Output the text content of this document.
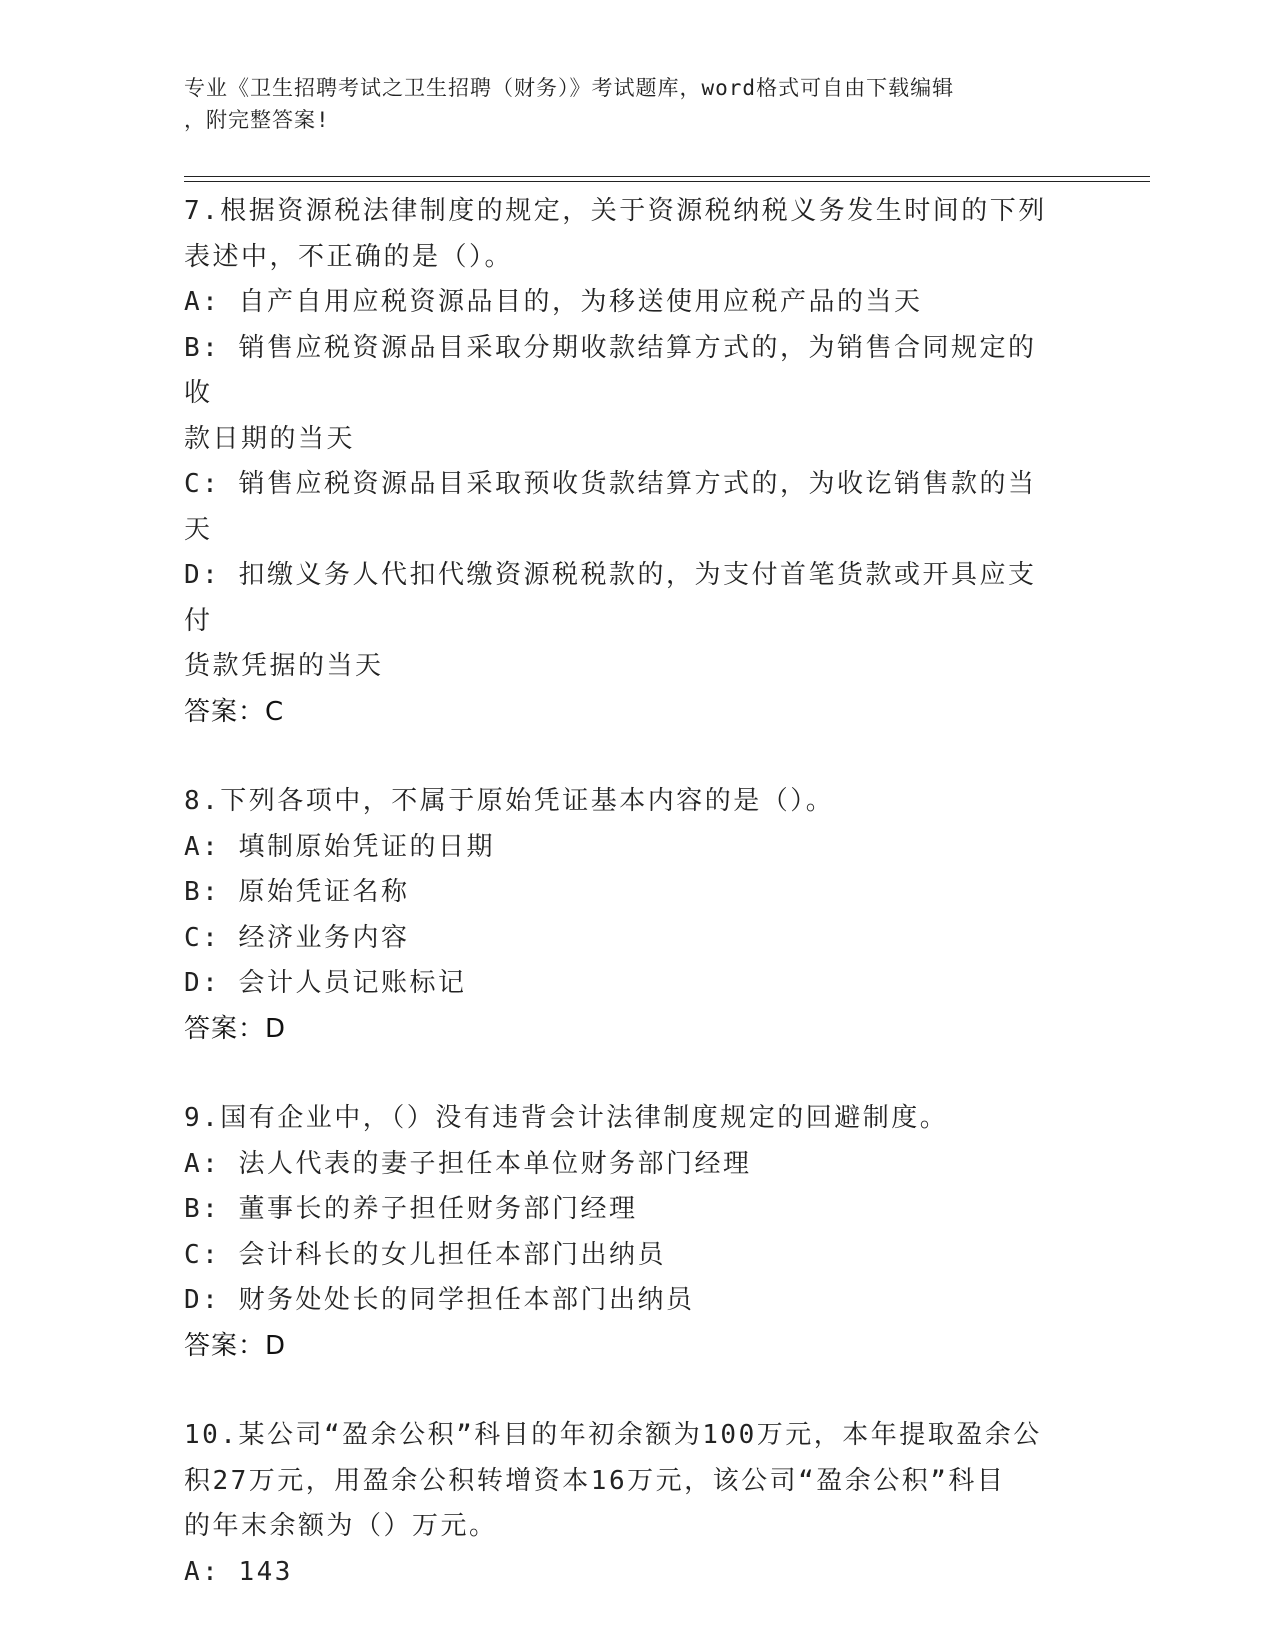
专业《卫生招聘考试之卫生招聘（财务）》考试题库，word格式可自由下载编辑
，附完整答案!
7.根据资源税法律制度的规定，关于资源税纳税义务发生时间的下列
表述中，不正确的是（）。
A: 自产自用应税资源品目的，为移送使用应税产品的当天
B: 销售应税资源品目采取分期收款结算方式的，为销售合同规定的收
款日期的当天
C: 销售应税资源品目采取预收货款结算方式的，为收讫销售款的当天
D: 扣缴义务人代扣代缴资源税税款的，为支付首笔货款或开具应支付
货款凭据的当天
答案：C
8.下列各项中，不属于原始凭证基本内容的是（）。
A: 填制原始凭证的日期
B: 原始凭证名称
C: 经济业务内容
D: 会计人员记账标记
答案：D
9.国有企业中，（）没有违背会计法律制度规定的回避制度。
A: 法人代表的妻子担任本单位财务部门经理
B: 董事长的养子担任财务部门经理
C: 会计科长的女儿担任本部门出纳员
D: 财务处处长的同学担任本部门出纳员
答案：D
10.某公司“盈余公积”科目的年初余额为100万元，本年提取盈余公
积27万元，用盈余公积转增资本16万元，该公司“盈余公积”科目
的年末余额为（）万元。
A: 143
